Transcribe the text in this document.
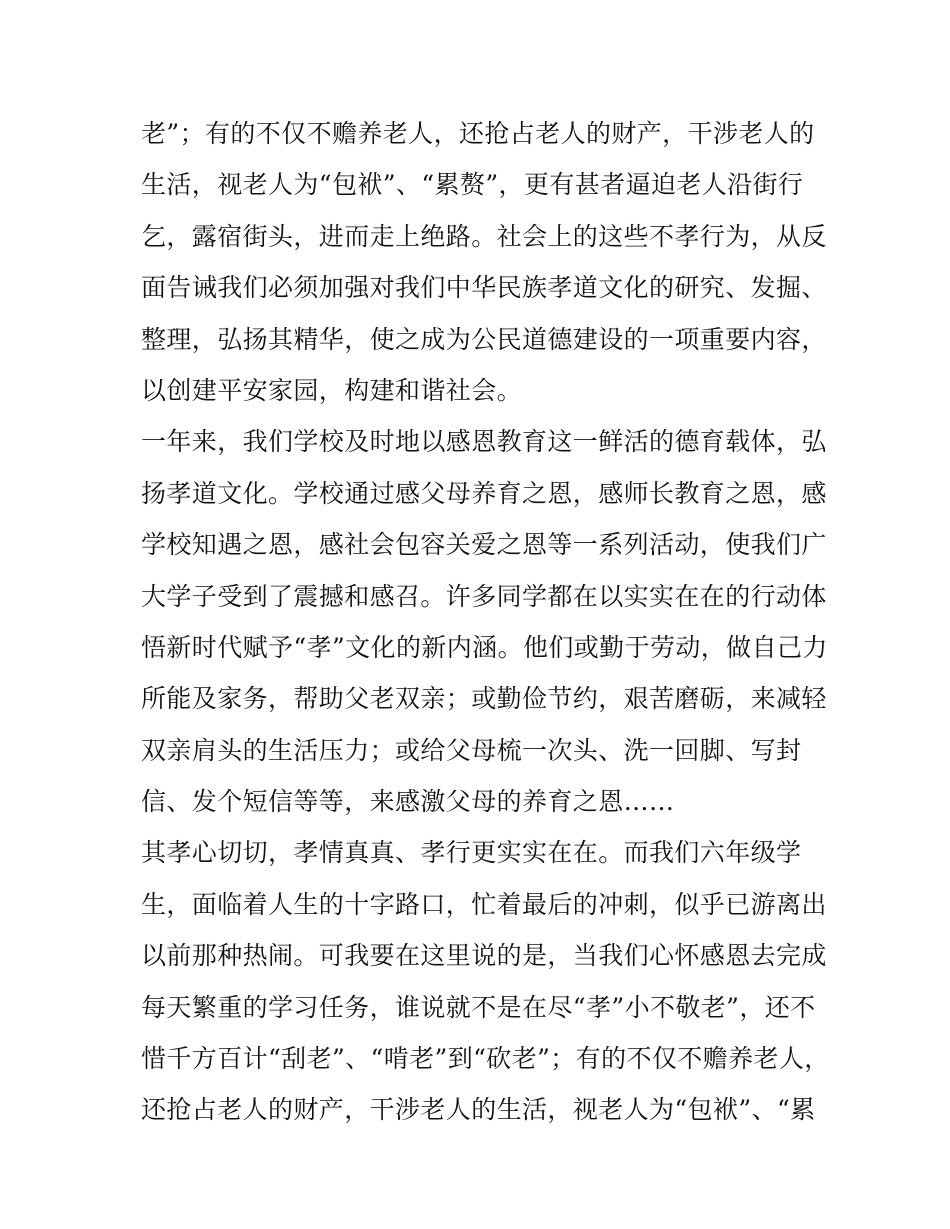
老”；有的不仅不赡养老人，还抢占老人的财产，干涉老人的
生活，视老人为“包袱”、“累赘”，更有甚者逼迫老人沿街行
乞，露宿街头，进而走上绝路。社会上的这些不孝行为，从反
面告诫我们必须加强对我们中华民族孝道文化的研究、发掘、
整理，弘扬其精华，使之成为公民道德建设的一项重要内容，
以创建平安家园，构建和谐社会。
一年来，我们学校及时地以感恩教育这一鲜活的德育载体，弘
扬孝道文化。学校通过感父母养育之恩，感师长教育之恩，感
学校知遇之恩，感社会包容关爱之恩等一系列活动，使我们广
大学子受到了震撼和感召。许多同学都在以实实在在的行动体
悟新时代赋予“孝”文化的新内涵。他们或勤于劳动，做自己力
所能及家务，帮助父老双亲；或勤俭节约，艰苦磨砺，来减轻
双亲肩头的生活压力；或给父母梳一次头、洗一回脚、写封
信、发个短信等等，来感激父母的养育之恩……
其孝心切切，孝情真真、孝行更实实在在。而我们六年级学
生，面临着人生的十字路口，忙着最后的冲刺，似乎已游离出
以前那种热闹。可我要在这里说的是，当我们心怀感恩去完成
每天繁重的学习任务，谁说就不是在尽“孝”小不敬老”，还不
惜千方百计“刮老”、“啃老”到“砍老”；有的不仅不赡养老人，
还抢占老人的财产，干涉老人的生活，视老人为“包袱”、“累
